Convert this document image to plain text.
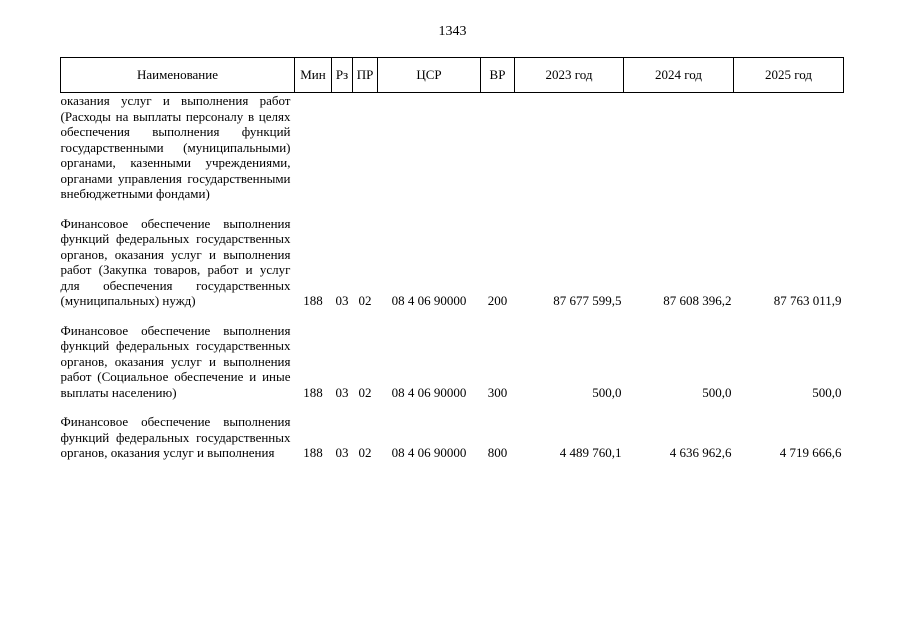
1343
Наименование	Мин	Рз	ПР	ЦСР	ВР	2023 год	2024 год	2025 год
оказания услуг и выполнения работ (Расходы на выплаты персоналу в целях обеспечения выполнения функций государственными (муниципальными) органами, казенными учреждениями, органами управления государственными внебюджетными фондами)								
Финансовое обеспечение выполнения функций федеральных государственных органов, оказания услуг и выполнения работ (Закупка товаров, работ и услуг для обеспечения государственных (муниципальных) нужд)	188	03	02	08 4 06 90000	200	87 677 599,5	87 608 396,2	87 763 011,9
Финансовое обеспечение выполнения функций федеральных государственных органов, оказания услуг и выполнения работ (Социальное обеспечение и иные выплаты населению)	188	03	02	08 4 06 90000	300	500,0	500,0	500,0
Финансовое обеспечение выполнения функций федеральных государственных органов, оказания услуг и выполнения	188	03	02	08 4 06 90000	800	4 489 760,1	4 636 962,6	4 719 666,6
